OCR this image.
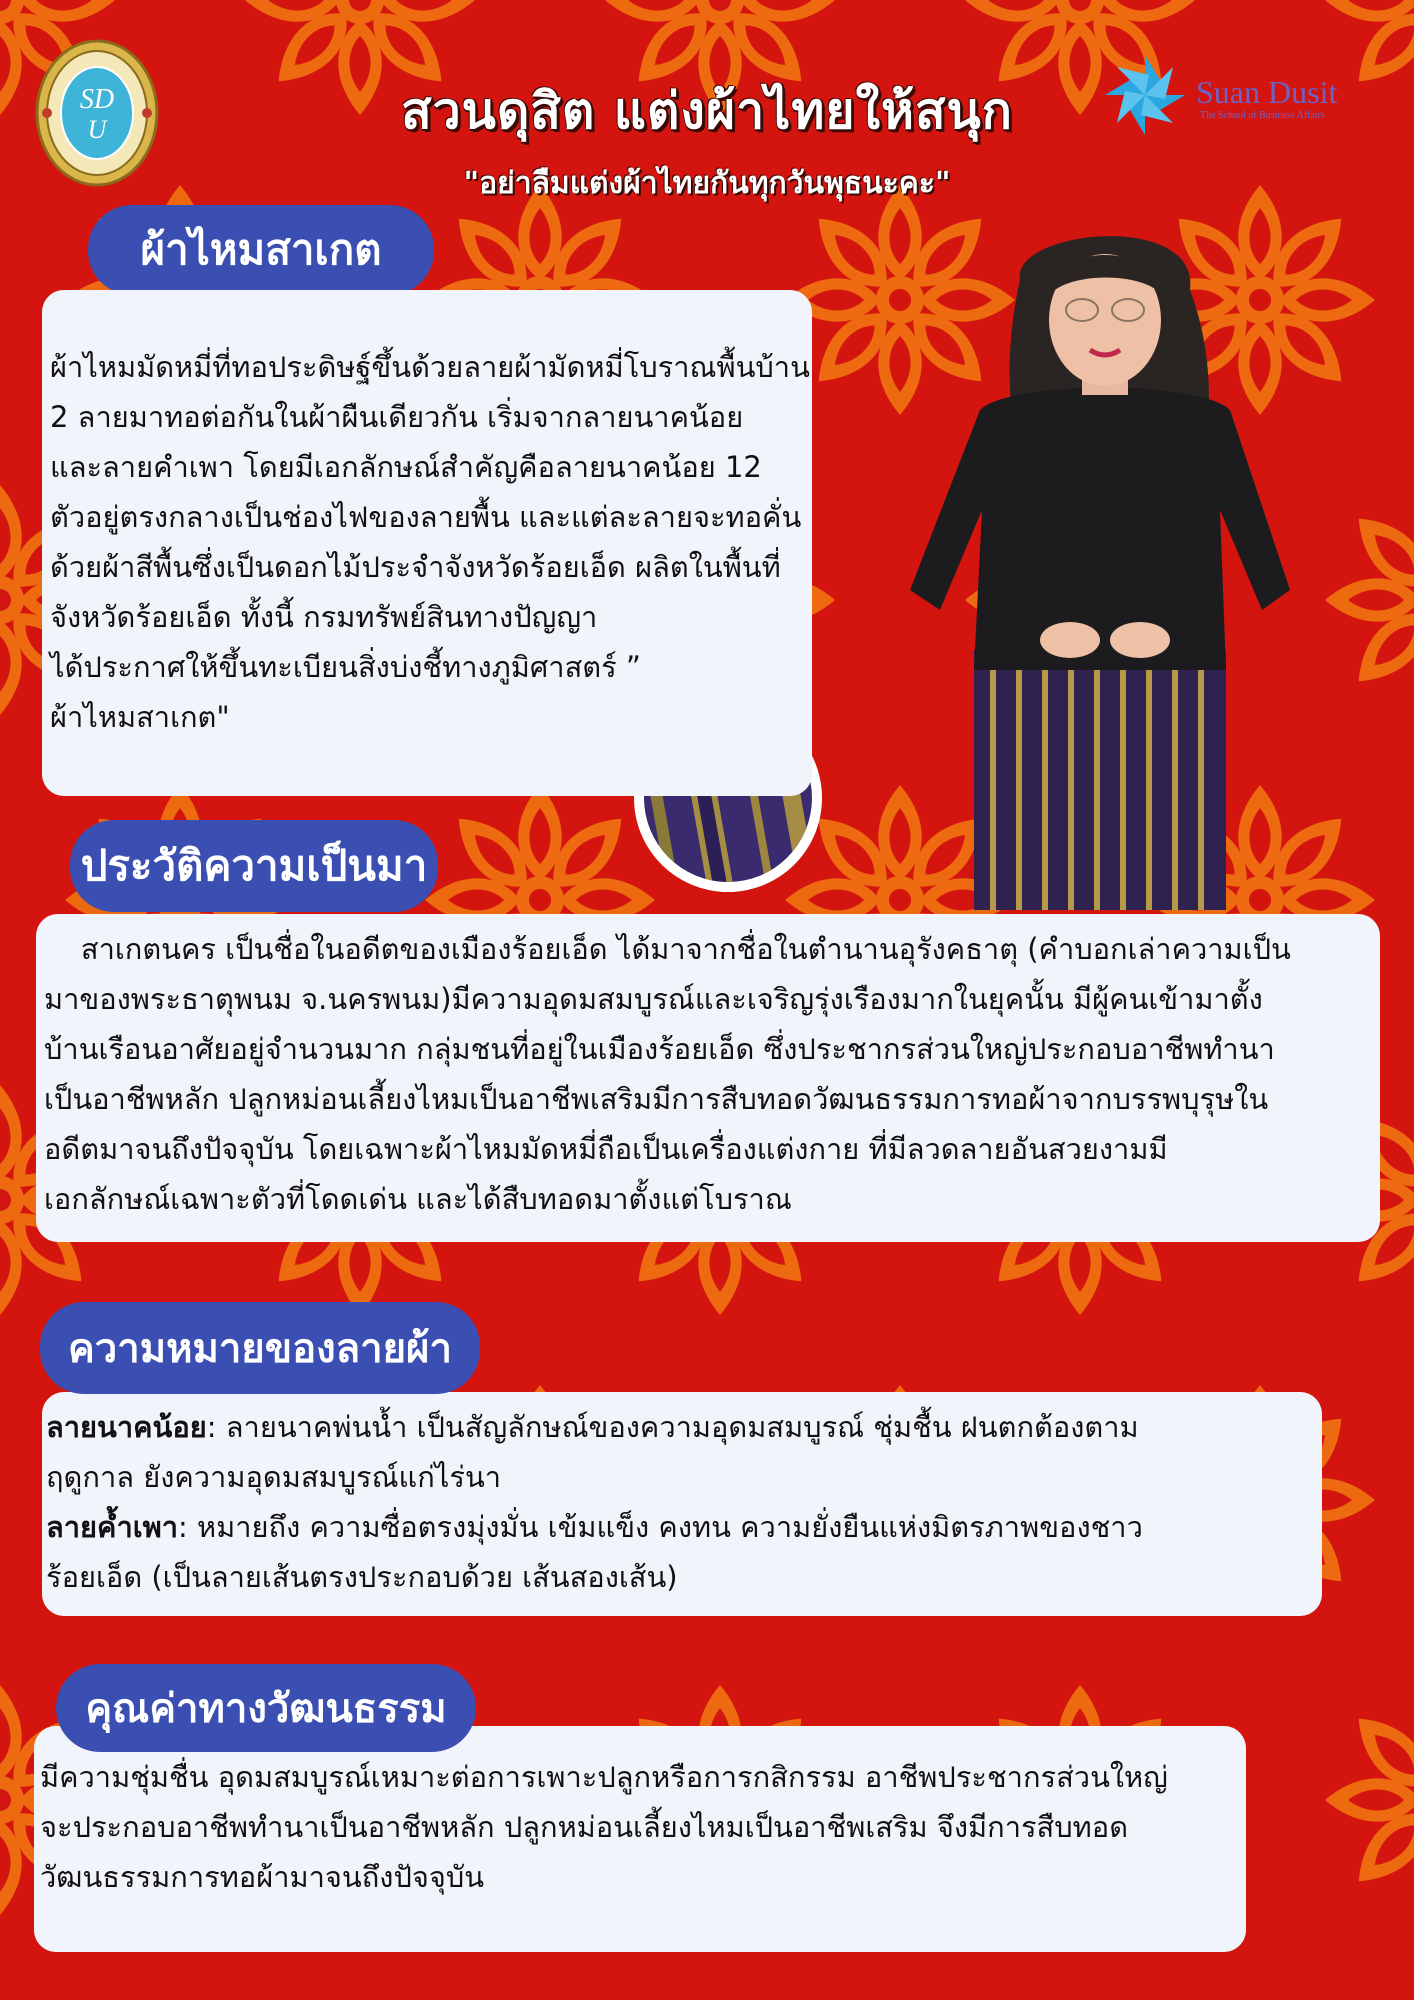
SD
U
Suan Dusit
The School of Business Affairs
สวนดุสิต แต่งผ้าไทยให้สนุก
"อย่าลืมแต่งผ้าไทยกันทุกวันพุธนะคะ"
ผ้าไหมสาเกต

ผ้าไหมมัดหมี่ที่ทอประดิษฐ์ขึ้นด้วยลายผ้ามัดหมี่โบราณพื้นบ้าน

2 ลายมาทอต่อกันในผ้าผืนเดียวกัน เริ่มจากลายนาคน้อย

และลายคำเพา โดยมีเอกลักษณ์สำคัญคือลายนาคน้อย 12

ตัวอยู่ตรงกลางเป็นช่องไฟของลายพื้น และแต่ละลายจะทอคั่น

ด้วยผ้าสีพื้นซึ่งเป็นดอกไม้ประจำจังหวัดร้อยเอ็ด ผลิตในพื้นที่

จังหวัดร้อยเอ็ด ทั้งนี้ กรมทรัพย์สินทางปัญญา

ได้ประกาศให้ขึ้นทะเบียนสิ่งบ่งชี้ทางภูมิศาสตร์ ”

ผ้าไหมสาเกต"

สาเกตนคร เป็นชื่อในอดีตของเมืองร้อยเอ็ด ได้มาจากชื่อในตำนานอุรังคธาตุ (คำบอกเล่าความเป็น

มาของพระธาตุพนม จ.นครพนม)มีความอุดมสมบูรณ์และเจริญรุ่งเรืองมากในยุคนั้น มีผู้คนเข้ามาตั้ง

บ้านเรือนอาศัยอยู่จำนวนมาก กลุ่มชนที่อยู่ในเมืองร้อยเอ็ด ซึ่งประชากรส่วนใหญ่ประกอบอาชีพทำนา

เป็นอาชีพหลัก ปลูกหม่อนเลี้ยงไหมเป็นอาชีพเสริมมีการสืบทอดวัฒนธรรมการทอผ้าจากบรรพบุรุษใน

อดีตมาจนถึงปัจจุบัน โดยเฉพาะผ้าไหมมัดหมี่ถือเป็นเครื่องแต่งกาย ที่มีลวดลายอันสวยงามมี

เอกลักษณ์เฉพาะตัวที่โดดเด่น และได้สืบทอดมาตั้งแต่โบราณ

ประวัติความเป็นมา

ลายนาคน้อย: ลายนาคพ่นน้ำ เป็นสัญลักษณ์ของความอุดมสมบูรณ์ ชุ่มชื้น ฝนตกต้องตาม

ฤดูกาล ยังความอุดมสมบูรณ์แก่ไร่นา

ลายค้ำเพา: หมายถึง ความซื่อตรงมุ่งมั่น เข้มแข็ง คงทน ความยั่งยืนแห่งมิตรภาพของชาว

ร้อยเอ็ด (เป็นลายเส้นตรงประกอบด้วย เส้นสองเส้น)

ความหมายของลายผ้า

มีความชุ่มชื่น อุดมสมบูรณ์เหมาะต่อการเพาะปลูกหรือการกสิกรรม อาชีพประชากรส่วนใหญ่

จะประกอบอาชีพทำนาเป็นอาชีพหลัก ปลูกหม่อนเลี้ยงไหมเป็นอาชีพเสริม จึงมีการสืบทอด

วัฒนธรรมการทอผ้ามาจนถึงปัจจุบัน

คุณค่าทางวัฒนธรรม
